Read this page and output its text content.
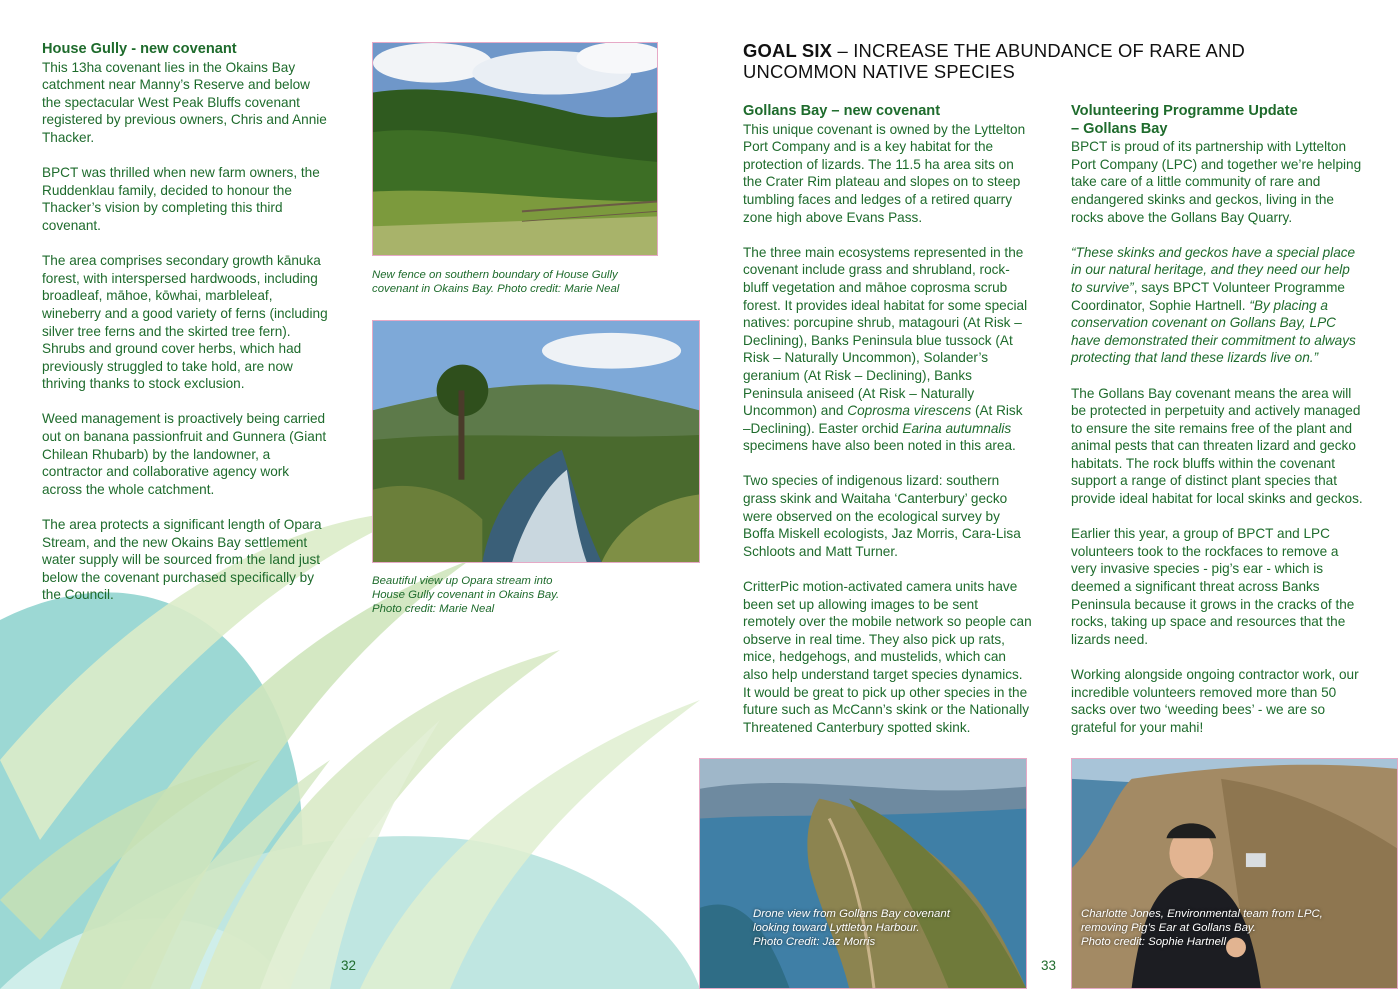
House Gully - new covenant
This 13ha covenant lies in the Okains Bay catchment near Manny’s Reserve and below the spectacular West Peak Bluffs covenant registered by previous owners, Chris and Annie Thacker.

BPCT was thrilled when new farm owners, the Ruddenklau family, decided to honour the Thacker’s vision by completing this third covenant.

The area comprises secondary growth kānuka forest, with interspersed hardwoods, including broadleaf, māhoe, kōwhai, marbleleaf, wineberry and a good variety of ferns (including silver tree ferns and the skirted tree fern). Shrubs and ground cover herbs, which had previously struggled to take hold, are now thriving thanks to stock exclusion.

Weed management is proactively being carried out on banana passionfruit and Gunnera (Giant Chilean Rhubarb) by the landowner, a contractor and collaborative agency work across the whole catchment.

The area protects a significant length of Opara Stream, and the new Okains Bay settlement water supply will be sourced from the land just below the covenant purchased specifically by the Council.

New fence on southern boundary of House Gully
covenant in Okains Bay. Photo credit: Marie Neal
Beautiful view up Opara stream into
House Gully covenant in Okains Bay.
Photo credit: Marie Neal
32
GOAL SIX – INCREASE THE ABUNDANCE OF RARE AND UNCOMMON NATIVE SPECIES

Gollans Bay – new covenant
This unique covenant is owned by the Lyttelton Port Company and is a key habitat for the protection of lizards. The 11.5 ha area sits on the Crater Rim plateau and slopes on to steep tumbling faces and ledges of a retired quarry zone high above Evans Pass.

The three main ecosystems represented in the covenant include grass and shrubland, rock-bluff vegetation and māhoe coprosma scrub forest. It provides ideal habitat for some special natives: porcupine shrub, matagouri (At Risk – Declining), Banks Peninsula blue tussock (At Risk – Naturally Uncommon), Solander’s geranium (At Risk – Declining), Banks Peninsula aniseed (At Risk – Naturally Uncommon) and Coprosma virescens (At Risk –Declining). Easter orchid Earina autumnalis specimens have also been noted in this area.

Two species of indigenous lizard: southern grass skink and Waitaha ‘Canterbury’ gecko were observed on the ecological survey by Boffa Miskell ecologists, Jaz Morris, Cara-Lisa Schloots and Matt Turner.

CritterPic motion-activated camera units have been set up allowing images to be sent remotely over the mobile network so people can observe in real time. They also pick up rats, mice, hedgehogs, and mustelids, which can also help understand target species dynamics. It would be great to pick up other species in the future such as McCann’s skink or the Nationally Threatened Canterbury spotted skink.

Volunteering Programme Update
– Gollans Bay
BPCT is proud of its partnership with Lyttelton Port Company (LPC) and together we’re helping take care of a little community of rare and endangered skinks and geckos, living in the rocks above the Gollans Bay Quarry.

“These skinks and geckos have a special place in our natural heritage, and they need our help to survive”, says BPCT Volunteer Programme Coordinator, Sophie Hartnell. “By placing a conservation covenant on Gollans Bay, LPC have demonstrated their commitment to always protecting that land these lizards live on.”

The Gollans Bay covenant means the area will be protected in perpetuity and actively managed to ensure the site remains free of the plant and animal pests that can threaten lizard and gecko habitats. The rock bluffs within the covenant support a range of distinct plant species that provide ideal habitat for local skinks and geckos.

Earlier this year, a group of BPCT and LPC volunteers took to the rockfaces to remove a very invasive species - pig’s ear - which is deemed a significant threat across Banks Peninsula because it grows in the cracks of the rocks, taking up space and resources that the lizards need.

Working alongside ongoing contractor work, our incredible volunteers removed more than 50 sacks over two ‘weeding bees’ - we are so grateful for your mahi!

Drone view from Gollans Bay covenant
looking toward Lyttleton Harbour.
Photo Credit: Jaz Morris
Charlotte Jones, Environmental team from LPC,
removing Pig’s Ear at Gollans Bay.
Photo credit: Sophie Hartnell
33
